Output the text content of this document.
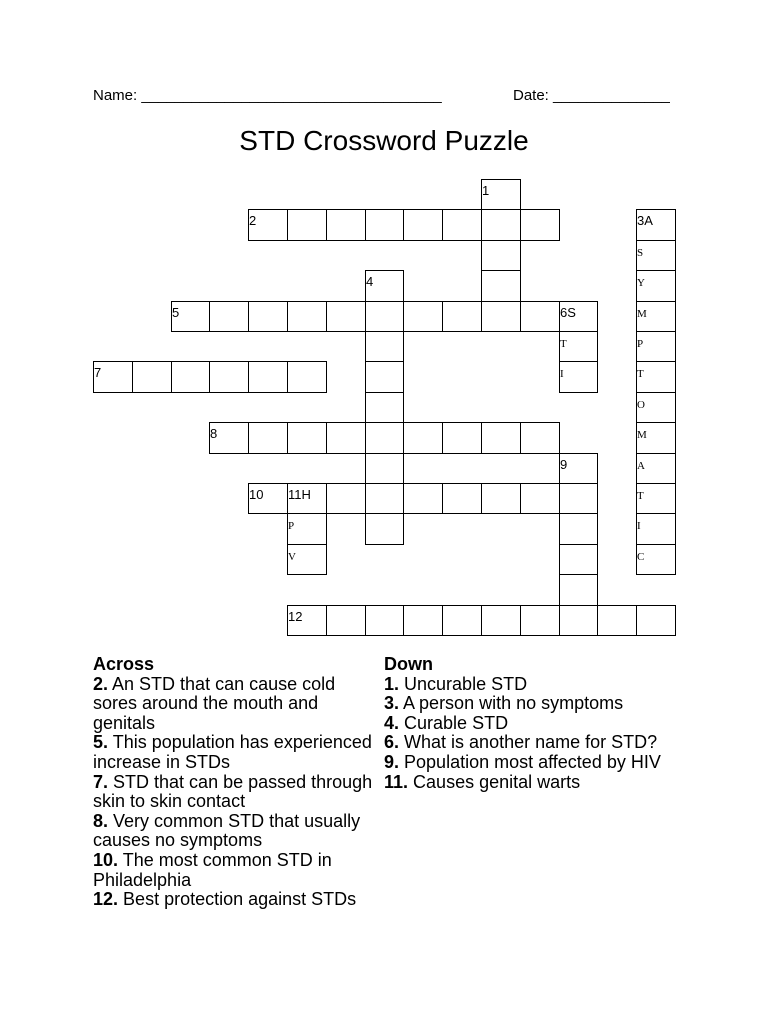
Name: ____________________________________	Date: ______________
STD Crossword Puzzle
1
2	3A
S
4	Y
5	6S	M
T	P
7	I	T
O
8	M
9	A
10	11H	T
P	I
V	C
12
Across
2. An STD that can cause cold sores around the mouth and genitals
5. This population has experienced increase in STDs
7. STD that can be passed through skin to skin contact
8. Very common STD that usually causes no symptoms
10. The most common STD in Philadelphia
12. Best protection against STDs
Down
1. Uncurable STD
3. A person with no symptoms
4. Curable STD
6. What is another name for STD?
9. Population most affected by HIV
11. Causes genital warts
